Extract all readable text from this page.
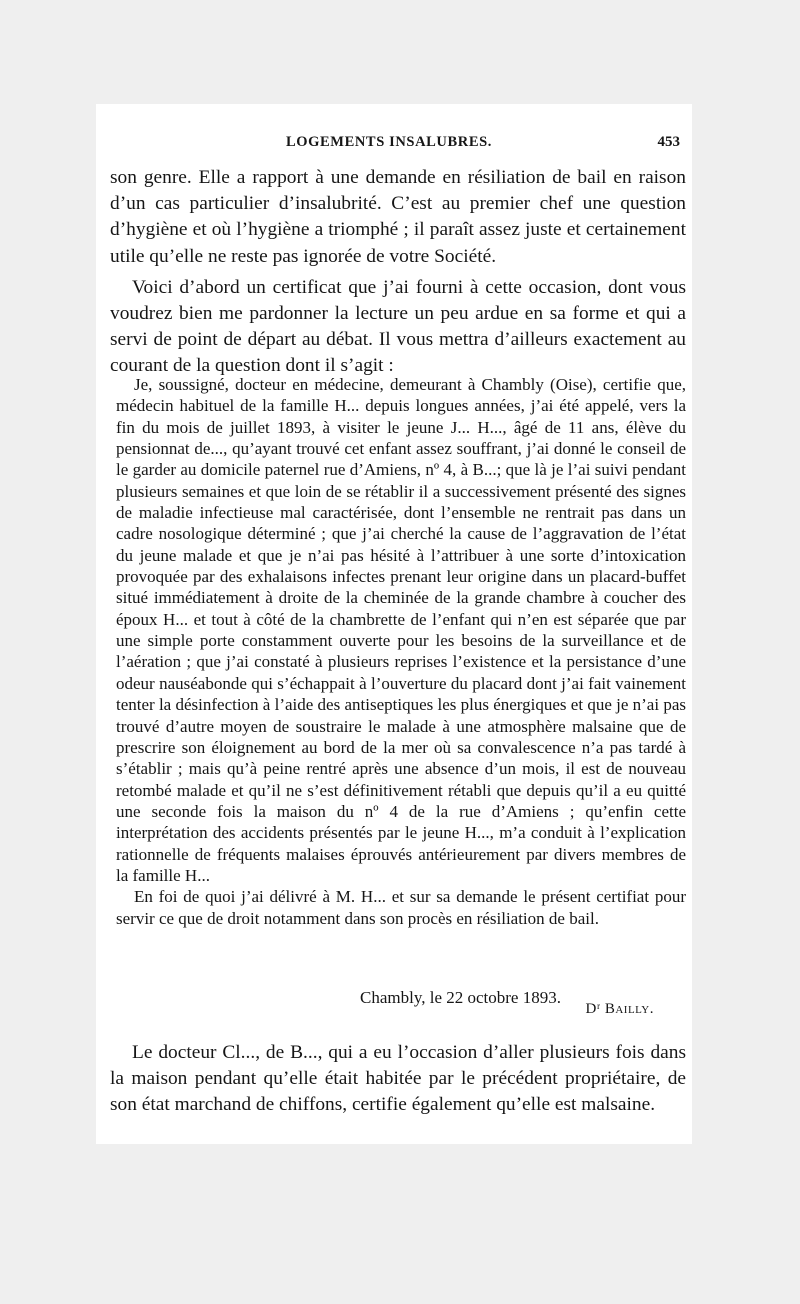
LOGEMENTS INSALUBRES.	453

son genre. Elle a rapport à une demande en résiliation de bail en raison d’un cas particulier d’insalubrité. C’est au premier chef une question d’hygiène et où l’hygiène a triomphé ; il paraît assez juste et certainement utile qu’elle ne reste pas ignorée de votre Société.

Voici d’abord un certificat que j’ai fourni à cette occasion, dont vous voudrez bien me pardonner la lecture un peu ardue en sa forme et qui a servi de point de départ au débat. Il vous mettra d’ailleurs exactement au courant de la question dont il s’agit :

Je, soussigné, docteur en médecine, demeurant à Chambly (Oise), certifie que, médecin habituel de la famille H... depuis longues années, j’ai été appelé, vers la fin du mois de juillet 1893, à visiter le jeune J... H..., âgé de 11 ans, élève du pensionnat de..., qu’ayant trouvé cet enfant assez souffrant, j’ai donné le conseil de le garder au domicile paternel rue d’Amiens, nº 4, à B...; que là je l’ai suivi pendant plusieurs semaines et que loin de se rétablir il a successivement présenté des signes de maladie infectieuse mal caractérisée, dont l’ensemble ne rentrait pas dans un cadre nosologique déterminé ; que j’ai cherché la cause de l’aggravation de l’état du jeune malade et que je n’ai pas hésité à l’attribuer à une sorte d’intoxication provoquée par des exhalaisons infectes prenant leur origine dans un placard-buffet situé immédiatement à droite de la cheminée de la grande chambre à coucher des époux H... et tout à côté de la chambrette de l’enfant qui n’en est séparée que par une simple porte constamment ouverte pour les besoins de la surveillance et de l’aération ; que j’ai constaté à plusieurs reprises l’existence et la persistance d’une odeur nauséabonde qui s’échappait à l’ouverture du placard dont j’ai fait vainement tenter la désinfection à l’aide des antiseptiques les plus énergiques et que je n’ai pas trouvé d’autre moyen de soustraire le malade à une atmosphère malsaine que de prescrire son éloignement au bord de la mer où sa convalescence n’a pas tardé à s’établir ; mais qu’à peine rentré après une absence d’un mois, il est de nouveau retombé malade et qu’il ne s’est définitivement rétabli que depuis qu’il a eu quitté une seconde fois la maison du nº 4 de la rue d’Amiens ; qu’enfin cette interprétation des accidents présentés par le jeune H..., m’a conduit à l’explication rationnelle de fréquents malaises éprouvés antérieurement par divers membres de la famille H...

En foi de quoi j’ai délivré à M. H... et sur sa demande le présent certifiat pour servir ce que de droit notamment dans son procès en résiliation de bail.

Chambly, le 22 octobre 1893.
Dʳ Bailly.

Le docteur Cl..., de B..., qui a eu l’occasion d’aller plusieurs fois dans la maison pendant qu’elle était habitée par le précédent propriétaire, de son état marchand de chiffons, certifie également qu’elle est malsaine.
